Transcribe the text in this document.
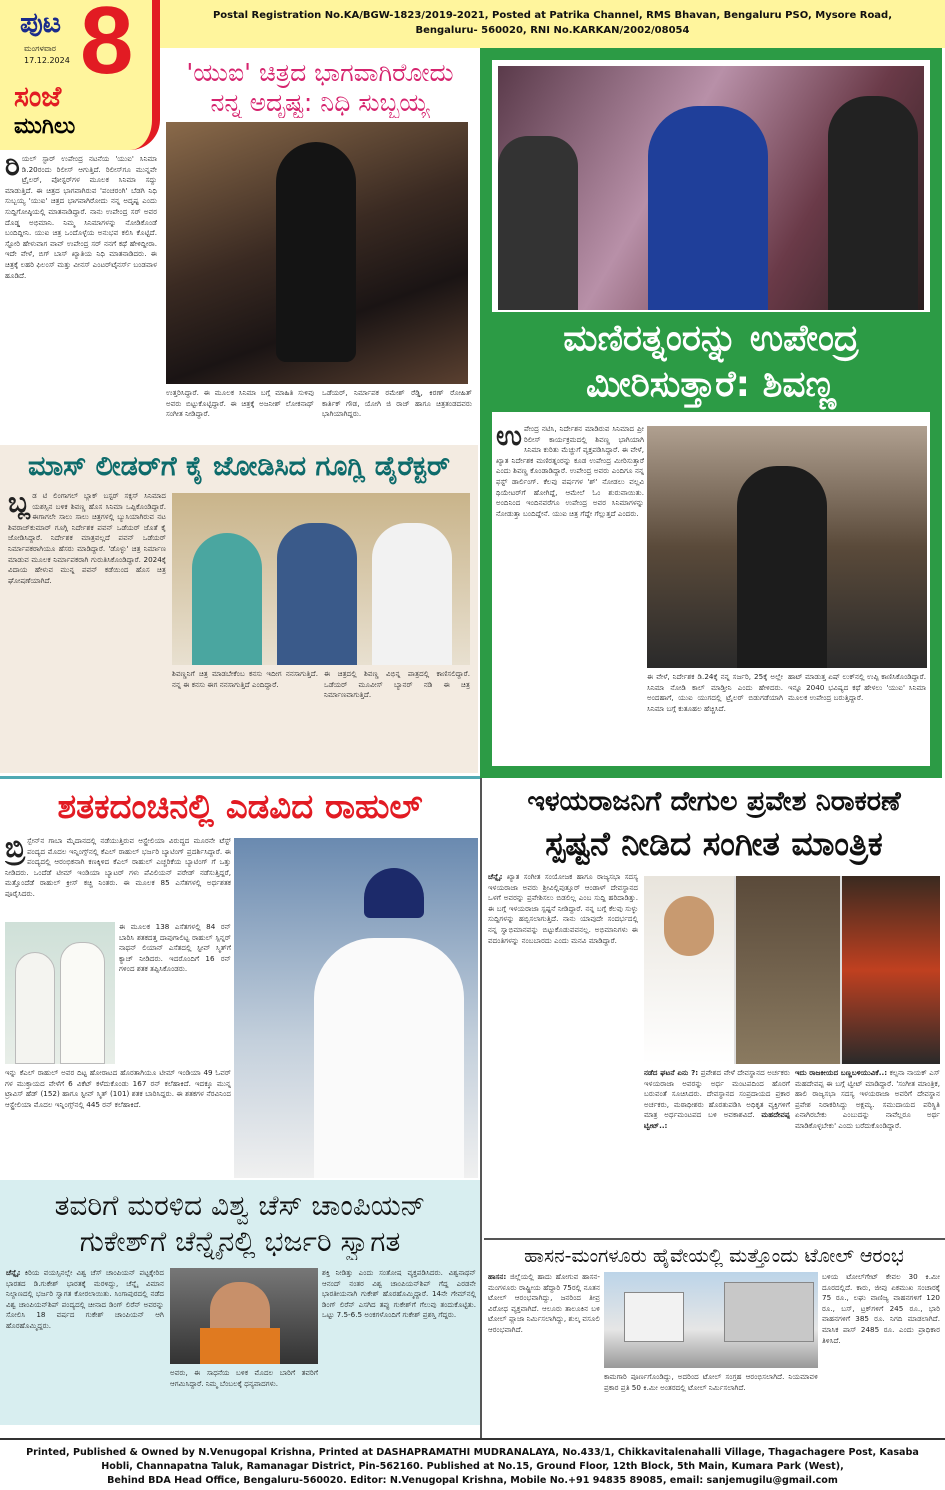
ಪುಟ 8
ಮಂಗಳವಾರ
17.12.2024
ಸಂಜೆ
ಮುಗಿಲು
Postal Registration No.KA/BGW-1823/2019-2021, Posted at Patrika Channel, RMS Bhavan, Bengaluru PSO, Mysore Road,
Bengaluru- 560020, RNI No.KARKAN/2002/08054
'ಯುಐ' ಚಿತ್ರದ ಭಾಗವಾಗಿರೋದು
ನನ್ನ ಅದೃಷ್ಟ: ನಿಧಿ ಸುಬ್ಬಯ್ಯ
ರಿಯಲ್ ಸ್ಟಾರ್ ಉಪೇಂದ್ರ ನಟನೆಯ 'ಯುಐ' ಸಿನಿಮಾ ಡಿ.20ರಂದು ರಿಲೀಸ್ ಆಗುತ್ತಿದೆ. ರಿಲೀಸ್‌ಗೂ ಮುನ್ನವೇ ಟ್ರೈಲರ್, ಪೋಸ್ಟರ್‌ಗಳ ಮೂಲಕ ಸಿನಿಮಾ ಸದ್ದು ಮಾಡುತ್ತಿದೆ. ಈ ಚಿತ್ರದ ಭಾಗವಾಗಿರುವ 'ಪಂಚರಂಗಿ' ಬೆಡಗಿ ನಿಧಿ ಸುಬ್ಬಯ್ಯ 'ಯುಐ' ಚಿತ್ರದ ಭಾಗವಾಗಿರೋದು ನನ್ನ ಅದೃಷ್ಟ ಎಂದು ಸುದ್ದಿಗೋಷ್ಠಿಯಲ್ಲಿ ಮಾತನಾಡಿದ್ದಾರೆ. ನಾನು ಉಪೇಂದ್ರ ಸರ್ ಅವರ ದೊಡ್ಡ ಅಭಿಮಾನಿ. ನಿಮ್ಮ ಸಿನಿಮಾಗಳನ್ನು ನೋಡಿಕೊಂಡೆ ಬಂದಿದ್ದೀನಿ. ಯುಐ ಚಿತ್ರ ಒಂದೊಳ್ಳೆಯ ಅನುಭವ ಕಲಿಸಿ ಕೊಟ್ಟಿದೆ. ಸ್ಟೋರಿ ಹೇಳುವಾಗ ವಾವ್ ಉಪೇಂದ್ರ ಸರ್ ನನಗೆ ಕಥೆ ಹೇಳಿದ್ದೀರಾ. ಇದೇ ವೇಳೆ, ಬಿಗ್ ಬಾಸ್ ಖ್ಯಾತಿಯ ನಿಧಿ ಮಾತನಾಡಿದರು. ಈ ಚಿತ್ರಕ್ಕೆ ಲಹರಿ ಫಿಲಂಸ್ ಮತ್ತು ವೀನಸ್ ಎಂಟರ್‌ಟೈನರ್ಸ್ ಬಂಡವಾಳ ಹೂಡಿದೆ.
ಉತ್ತರಿಸಿದ್ದಾರೆ. ಈ ಮೂಲಕ ಸಿನಿಮಾ ಬಗ್ಗೆ ಮಾಹಿತಿ ಸುಳಿವು ಅವರು ಬಿಟ್ಟುಕೊಟ್ಟಿದ್ದಾರೆ. ಈ ಚಿತ್ರಕ್ಕೆ ಅಜನೀಶ್ ಲೋಕನಾಥ್ ಸಂಗೀತ ನೀಡಿದ್ದಾರೆ.
ಒಡೆಯರ್, ನಿರ್ಮಾಪಕ ರಮೇಶ್ ರೆಡ್ಡಿ, ಕಿರಣ್ ರೋಹಿತ್ ಕಾರ್ತಿಕ್ ಗೌಡ, ಯೋಗಿ ಜಿ ರಾಜ್ ಹಾಗೂ ಚಿತ್ರತಂಡದವರು ಭಾಗಿಯಾಗಿದ್ದರು.
ಮಣಿರತ್ನಂರನ್ನು ಉಪೇಂದ್ರ
ಮೀರಿಸುತ್ತಾರೆ: ಶಿವಣ್ಣ
ಉಪೇಂದ್ರ ನಟಿಸಿ, ನಿರ್ದೇಶನ ಮಾಡಿರುವ ಸಿನಿಮಾದ ಪ್ರೀ ರಿಲೀಸ್ ಕಾರ್ಯಕ್ರಮದಲ್ಲಿ ಶಿವಣ್ಣ ಭಾಗಿಯಾಗಿ ಸಿನಿಮಾ ಕುರಿತು ಮೆಚ್ಚುಗೆ ವ್ಯಕ್ತಪಡಿಸಿದ್ದಾರೆ. ಈ ವೇಳೆ, ಖ್ಯಾತ ನಿರ್ದೇಶಕ ಮಣಿರತ್ನಂರನ್ನು ಕೂಡ ಉಪೇಂದ್ರ ಮೀರಿಸುತ್ತಾರೆ ಎಂದು ಶಿವಣ್ಣ ಕೊಂಡಾಡಿದ್ದಾರೆ. ಉಪೇಂದ್ರ ಅವರು ಎಂದಿಗೂ ನನ್ನ ಫಸ್ಟ್ ಡಾರ್ಲಿಂಗ್. ಕೆಲವು ವರ್ಷಗಳ 'ಶ್' ನೋಡಲು ವಲ್ಲವಿ ಥಿಯೇಟರ್‌ಗೆ ಹೋಗಿದ್ದೆ, ಆಮೇಲೆ ಓಂ ಶುರುವಾಯಿತು. ಅಂದಿನಿಂದ ಇಂದಿನವರೆಗೂ ಉಪೇಂದ್ರ ಅವರ ಸಿನಿಮಾಗಳನ್ನು ನೋಡುತ್ತಾ ಬಂದಿದ್ದೇನೆ. ಯುಐ ಚಿತ್ರ ಗೆದ್ದೇ ಗೆಲ್ಲುತ್ತದೆ ಎಂದರು.
ಈ ವೇಳೆ, ನಿರ್ದೇಶಕ ಡಿ.24ಕ್ಕೆ ನನ್ನ ಸರ್ಜರಿ, 25ಕ್ಕೆ ಅಲ್ಲೇ ಸಿನಿಮಾ ನೋಡಿ ಕಾಲ್ ಮಾಡ್ತೀನಿ ಎಂದು ಹೇಳಿದರು. ಅಂದಹಾಗೆ, ಯುಐ ಯುಗದಲ್ಲಿ ಟ್ರೈಲರ್ ಬಿಡುಗಡೆಯಾಗಿ ಸಿನಿಮಾ ಬಗ್ಗೆ ಕುತೂಹಲ ಹೆಚ್ಚಿಸಿದೆ.
ಹಾಟ್ ಮಾಡುತ್ತ ಏಷ್ ಲುಕ್‌ನಲ್ಲಿ ಉಪ್ಪಿ ಕಾಣಿಸಿಕೊಂಡಿದ್ದಾರೆ. ಇನ್ನೂ 2040 ಭವಿಷ್ಯದ ಕಥೆ ಹೇಳಲು 'ಯುಐ' ಸಿನಿಮಾ ಮೂಲಕ ಉಪೇಂದ್ರ ಬರುತ್ತಿದ್ದಾರೆ.
ಮಾಸ್ ಲೀಡರ್‌ಗೆ ಕೈ ಜೋಡಿಸಿದ ಗೂಗ್ಲಿ ಡೈರೆಕ್ಟರ್
ಬ್ಲ ಡ ಟಿ ಲಿಂಗಾಗಲ್ ಬ್ಲಾಕ್ ಬಸ್ಟರ್ ಸಕ್ಸಸ್ ಸಿನಿಮಾದ ಯಶಸ್ಸಿನ ಬಳಿಕ ಶಿವಣ್ಣ ಹೊಸ ಸಿನಿಮಾ ಒಪ್ಪಿಕೊಂಡಿದ್ದಾರೆ. ಈಗಾಗಲೇ ಸಾಲು ಸಾಲು ಚಿತ್ರಗಳಲ್ಲಿ ಬ್ಯುಸಿಯಾಗಿರುವ ನಟ ಶಿವರಾಜ್‌ಕುಮಾರ್ ಗೂಗ್ಲಿ ನಿರ್ದೇಶಕ ಪವನ್ ಒಡೆಯರ್ ಜೊತೆ ಕೈ ಜೋಡಿಸಿದ್ದಾರೆ. ನಿರ್ದೇಶಕ ಮಾತ್ರವಲ್ಲದೆ ಪವನ್ ಒಡೆಯರ್ ನಿರ್ಮಾಪಕರಾಗಿಯೂ ಹೆಸರು ಮಾಡಿದ್ದಾರೆ. 'ಡೊಳ್ಳು' ಚಿತ್ರ ನಿರ್ಮಾಣ ಮಾಡುವ ಮೂಲಕ ನಿರ್ಮಾಪಕರಾಗಿ ಗುರುತಿಸಿಕೊಂಡಿದ್ದಾರೆ. 2024ಕ್ಕೆ ವಿದಾಯ ಹೇಳುವ ಮುನ್ನ ಪವನ್ ಕಡೆಯಿಂದ ಹೊಸ ಚಿತ್ರ ಘೋಷಣೆಯಾಗಿದೆ.
ಶಿವಣ್ಣನಿಗೆ ಚಿತ್ರ ಮಾಡಬೇಕೆಂಬ ಕನಸು ಇದೀಗ ನನಸಾಗುತ್ತಿದೆ. ನನ್ನ ಈ ಕನಸು ಈಗ ನನಸಾಗುತ್ತಿದೆ ಎಂದಿದ್ದಾರೆ.
ಈ ಚಿತ್ರದಲ್ಲಿ ಶಿವಣ್ಣ ವಿಭಿನ್ನ ಪಾತ್ರದಲ್ಲಿ ಕಾಣಿಸಲಿದ್ದಾರೆ. ಒಡೆಯರ್ ಮೂವೀಸ್ ಬ್ಯಾನರ್ ನಡಿ ಈ ಚಿತ್ರ ನಿರ್ಮಾಣವಾಗುತ್ತಿದೆ.
ಶತಕದಂಚಿನಲ್ಲಿ ಎಡವಿದ ರಾಹುಲ್
ಬ್ರಿ ಸ್ಬೇನ್‌ನ ಗಾಬಾ ಮೈದಾನದಲ್ಲಿ ನಡೆಯುತ್ತಿರುವ ಆಸ್ಟ್ರೇಲಿಯಾ ವಿರುದ್ಧದ ಮೂರನೇ ಟೆಸ್ಟ್ ಪಂದ್ಯದ ಮೊದಲ ಇನ್ನಿಂಗ್ಸ್‌ನಲ್ಲಿ ಕೆಎಲ್ ರಾಹುಲ್ ಭರ್ಜರಿ ಬ್ಯಾಟಿಂಗ್ ಪ್ರದರ್ಶಿಸಿದ್ದಾರೆ. ಈ ಪಂದ್ಯದಲ್ಲಿ ಆರಂಭಿಕನಾಗಿ ಕಣಕ್ಕಿಳಿದ ಕೆಎಲ್ ರಾಹುಲ್ ಎಚ್ಚರಿಕೆಯ ಬ್ಯಾಟಿಂಗ್ ಗೆ ಒತ್ತು ನೀಡಿದರು. ಒಂದೆಡೆ ಟೀಮ್ ಇಂಡಿಯಾ ಬ್ಯಾಟರ್ ಗಳು ಪೆವಿಲಿಯನ್ ಪರೇಡ್ ನಡೆಸುತ್ತಿದ್ದರೆ, ಮತ್ತೊಂದೆಡೆ ರಾಹುಲ್ ಕ್ರೀಸ್ ಕಚ್ಚಿ ನಿಂತರು. ಈ ಮೂಲಕ 85 ಎಸೆತಗಳಲ್ಲಿ ಅರ್ಧಶತಕ ಪೂರೈಸಿದರು.
ಈ ಮೂಲಕ 138 ಎಸೆತಗಳಲ್ಲಿ 84 ರನ್ ಬಾರಿಸಿ ಶತಕದತ್ತ ದಾಪುಗಾಲಿಟ್ಟ ರಾಹುಲ್ ಸ್ಪಿನ್ನರ್ ನಾಥನ್ ಲಿಯಾನ್ ಎಸೆತದಲ್ಲಿ ಸ್ಟೀವ್ ಸ್ಮಿತ್‌ಗೆ ಕ್ಯಾಚ್ ನೀಡಿದರು. ಇದರೊಂದಿಗೆ 16 ರನ್ ಗಳಿಂದ ಶತಕ ತಪ್ಪಿಸಿಕೊಂಡರು.
ಇನ್ನು ಕೆಎಲ್ ರಾಹುಲ್ ಅವರ ದಿಟ್ಟ ಹೋರಾಟದ ಹೊರತಾಗಿಯೂ ಟೀಮ್ ಇಂಡಿಯಾ 49 ಓವರ್ ಗಳ ಮುಕ್ತಾಯದ ವೇಳೆಗೆ 6 ವಿಕೆಟ್ ಕಳೆದುಕೊಂಡು 167 ರನ್ ಕಲೆಹಾಕಿದೆ. ಇದಕ್ಕೂ ಮುನ್ನ ಟ್ರಾವಿಸ್ ಹೆಡ್ (152) ಹಾಗೂ ಸ್ಟೀವ್ ಸ್ಮಿತ್ (101) ಶತಕ ಬಾರಿಸಿದ್ದರು. ಈ ಶತಕಗಳ ನೆರವಿನಿಂದ ಆಸ್ಟ್ರೇಲಿಯಾ ಮೊದಲ ಇನ್ನಿಂಗ್ಸ್‌ನಲ್ಲಿ 445 ರನ್ ಕಲೆಹಾಕಿದೆ.
ಇಳಯರಾಜನಿಗೆ ದೇಗುಲ ಪ್ರವೇಶ ನಿರಾಕರಣೆ
ಸ್ಪಷ್ಟನೆ ನೀಡಿದ ಸಂಗೀತ ಮಾಂತ್ರಿಕ
ಚೆನ್ನೈ: ಖ್ಯಾತ ಸಂಗೀತ ಸಂಯೋಜಕ ಹಾಗೂ ರಾಜ್ಯಸಭಾ ಸದಸ್ಯ ಇಳಯರಾಜಾ ಅವರು ಶ್ರೀವಿಲ್ಲಿಪುತ್ತೂರ್ ಆಂಡಾಳ್ ದೇವಸ್ಥಾನದ ಒಳಗೆ ಅವರನ್ನು ಪ್ರವೇಶಿಸಲು ಬಿಡಲಿಲ್ಲ ಎಂಬ ಸುದ್ದಿ ಹರಿದಾಡಿತ್ತು. ಈ ಬಗ್ಗೆ ಇಳಯರಾಜಾ ಸ್ಪಷ್ಟನೆ ನೀಡಿದ್ದಾರೆ. ನನ್ನ ಬಗ್ಗೆ ಕೆಲವು ಸುಳ್ಳು ಸುದ್ದಿಗಳನ್ನು ಹಬ್ಬಿಸಲಾಗುತ್ತಿದೆ. ನಾನು ಯಾವುದೇ ಸಂದರ್ಭದಲ್ಲಿ ನನ್ನ ಸ್ವಾಭಿಮಾನವನ್ನು ಬಿಟ್ಟುಕೊಡುವವನಲ್ಲ. ಅಭಿಮಾನಿಗಳು ಈ ವದಂತಿಗಳನ್ನು ನಂಬಬಾರದು ಎಂದು ಮನವಿ ಮಾಡಿದ್ದಾರೆ.
ನಡೆದ ಘಟನೆ ಏನು ?: ಪ್ರವೇಶದ ವೇಳೆ ದೇವಸ್ಥಾನದ ಅರ್ಚಕರು ಇಳಯರಾಜಾ ಅವರನ್ನು ಅರ್ಧ ಮಂಟಪದಿಂದ ಹೊರಗೆ ಬರುವಂತೆ ಸೂಚಿಸಿದರು. ದೇವಸ್ಥಾನದ ಸಂಪ್ರದಾಯದ ಪ್ರಕಾರ ಅರ್ಚಕರು, ಮಠಾಧೀಶರು ಹೊರತುಪಡಿಸಿ ಅಧಿಕೃತ ವ್ಯಕ್ತಿಗಳಿಗೆ ಮಾತ್ರ ಅರ್ಧಮಂಟಪದ ಬಳಿ ಅವಕಾಶವಿದೆ. ಮಹದೇವಪ್ಪ ಟ್ವೀಟ್..:
ಇದು ರಾಜಕೀಯದ ಬಣ್ಣಬಳಿಯುವಿಕೆ..: ಕಲ್ಪನಾ ನಾಯಕ್ ಎಸ್ ಮಹದೇವಪ್ಪ ಈ ಬಗ್ಗೆ ಟ್ವೀಟ್ ಮಾಡಿದ್ದಾರೆ. 'ಸಂಗೀತ ಮಾಂತ್ರಿಕ, ಹಾಲಿ ರಾಜ್ಯಸಭಾ ಸದಸ್ಯ ಇಳಯರಾಜಾ ಅವರಿಗೆ ದೇವಸ್ಥಾನ ಪ್ರವೇಶ ನಿರಾಕರಿಸಿದ್ದು ಅಕ್ಷಮ್ಯ. ಸಮುದಾಯದ ಪರಿಸ್ಥಿತಿ ಏನಾಗಿರಬೇಕು ಎಂಬುದನ್ನು ನಾವೆಲ್ಲರೂ ಅರ್ಥ ಮಾಡಿಕೊಳ್ಳಬೇಕು' ಎಂದು ಬರೆದುಕೊಂಡಿದ್ದಾರೆ.
ತವರಿಗೆ ಮರಳಿದ ವಿಶ್ವ ಚೆಸ್ ಚಾಂಪಿಯನ್
ಗುಕೇಶ್‌ಗೆ ಚೆನ್ನೈನಲ್ಲಿ ಭರ್ಜರಿ ಸ್ವಾಗತ
ಚೆನ್ನೈ: ಕಿರಿಯ ವಯಸ್ಸಿನಲ್ಲೇ ವಿಶ್ವ ಚೆಸ್ ಚಾಂಪಿಯನ್ ಪಟ್ಟಕ್ಕೇರಿದ ಭಾರತದ ಡಿ.ಗುಕೇಶ್ ಭಾರತಕ್ಕೆ ಮರಳಿದ್ದು, ಚೆನ್ನೈ ವಿಮಾನ ನಿಲ್ದಾಣದಲ್ಲಿ ಭರ್ಜರಿ ಸ್ವಾಗತ ಕೋರಲಾಯಿತು. ಸಿಂಗಾಪುರದಲ್ಲಿ ನಡೆದ ವಿಶ್ವ ಚಾಂಪಿಯನ್‌ಶಿಪ್ ಪಂದ್ಯದಲ್ಲಿ ಚೀನಾದ ಡಿಂಗ್ ಲಿರೆನ್ ಅವರನ್ನು ಸೋಲಿಸಿ 18 ವರ್ಷದ ಗುಕೇಶ್ ಚಾಂಪಿಯನ್ ಆಗಿ ಹೊರಹೊಮ್ಮಿದ್ದರು.
ಅವರು, ಈ ಸಾಧನೆಯ ಬಳಿಕ ಮೊದಲ ಬಾರಿಗೆ ತವರಿಗೆ ಆಗಮಿಸಿದ್ದಾರೆ. ನಿಮ್ಮ ಬೆಂಬಲಕ್ಕೆ ಧನ್ಯವಾದಗಳು.
ಶಕ್ತಿ ನೀಡಿತ್ತು ಎಂದು ಸಂತೋಷ ವ್ಯಕ್ತಪಡಿಸಿದರು. ವಿಶ್ವನಾಥನ್ ಆನಂದ್ ನಂತರ ವಿಶ್ವ ಚಾಂಪಿಯನ್‌ಶಿಪ್ ಗೆದ್ದ ಎರಡನೇ ಭಾರತೀಯನಾಗಿ ಗುಕೇಶ್ ಹೊರಹೊಮ್ಮಿದ್ದಾರೆ. 14ನೇ ಗೇಮ್‌ನಲ್ಲಿ ಡಿಂಗ್ ಲಿರೆನ್ ಎಸಗಿದ ತಪ್ಪು ಗುಕೇಶ್‌ಗೆ ಗೆಲುವು ತಂದುಕೊಟ್ಟಿತು. ಒಟ್ಟು 7.5-6.5 ಅಂಕಗಳೊಂದಿಗೆ ಗುಕೇಶ್ ಪ್ರಶಸ್ತಿ ಗೆದ್ದರು.
ಹಾಸನ-ಮಂಗಳೂರು ಹೈವೇಯಲ್ಲಿ ಮತ್ತೊಂದು ಟೋಲ್ ಆರಂಭ
ಹಾಸನ: ಜಿಲ್ಲೆಯಲ್ಲಿ ಹಾದು ಹೋಗುವ ಹಾಸನ-ಮಂಗಳೂರು ರಾಷ್ಟ್ರೀಯ ಹೆದ್ದಾರಿ 75ರಲ್ಲಿ ನೂತನ ಟೋಲ್ ಆರಂಭವಾಗಿದ್ದು, ಜನರಿಂದ ತೀವ್ರ ವಿರೋಧ ವ್ಯಕ್ತವಾಗಿದೆ. ಆಲೂರು ತಾಲೂಕಿನ ಬಳಿ ಟೋಲ್ ಪ್ಲಾಜಾ ನಿರ್ಮಿಸಲಾಗಿದ್ದು, ಶುಲ್ಕ ವಸೂಲಿ ಆರಂಭವಾಗಿದೆ.
ಕಾಮಗಾರಿ ಪೂರ್ಣಗೊಂಡಿದ್ದು, ಅದರಿಂದ ಟೋಲ್ ಸಂಗ್ರಹ ಆರಂಭಿಸಲಾಗಿದೆ. ನಿಯಮಾವಳಿ ಪ್ರಕಾರ ಪ್ರತಿ 50 ಕಿ.ಮೀ ಅಂತರದಲ್ಲಿ ಟೋಲ್ ನಿರ್ಮಿಸಲಾಗಿದೆ.
ಬಳಿಯ ಟೋಲ್‌ಗೇಟ್ ಕೇವಲ 30 ಕಿ.ಮೀ ದೂರದಲ್ಲಿದೆ. ಕಾರು, ಜೀಪು ಏಕಮುಖ ಸಂಚಾರಕ್ಕೆ 75 ರೂ., ಲಘು ವಾಣಿಜ್ಯ ವಾಹನಗಳಿಗೆ 120 ರೂ., ಬಸ್, ಟ್ರಕ್‌ಗಳಿಗೆ 245 ರೂ., ಭಾರಿ ವಾಹನಗಳಿಗೆ 385 ರೂ. ನಿಗದಿ ಮಾಡಲಾಗಿದೆ. ಮಾಸಿಕ ಪಾಸ್ 2485 ರೂ. ಎಂದು ಪ್ರಾಧಿಕಾರ ತಿಳಿಸಿದೆ.
Printed, Published & Owned by N.Venugopal Krishna, Printed at DASHAPRAMATHI MUDRANALAYA, No.433/1, Chikkavitalenahalli Village, Thagachagere Post, Kasaba
Hobli, Channapatna Taluk, Ramanagar District, Pin-562160. Published at No.15, Ground Floor, 12th Block, 5th Main, Kumara Park (West),
Behind BDA Head Office, Bengaluru-560020. Editor: N.Venugopal Krishna, Mobile No.+91 94835 89085, email: sanjemugilu@gmail.com
